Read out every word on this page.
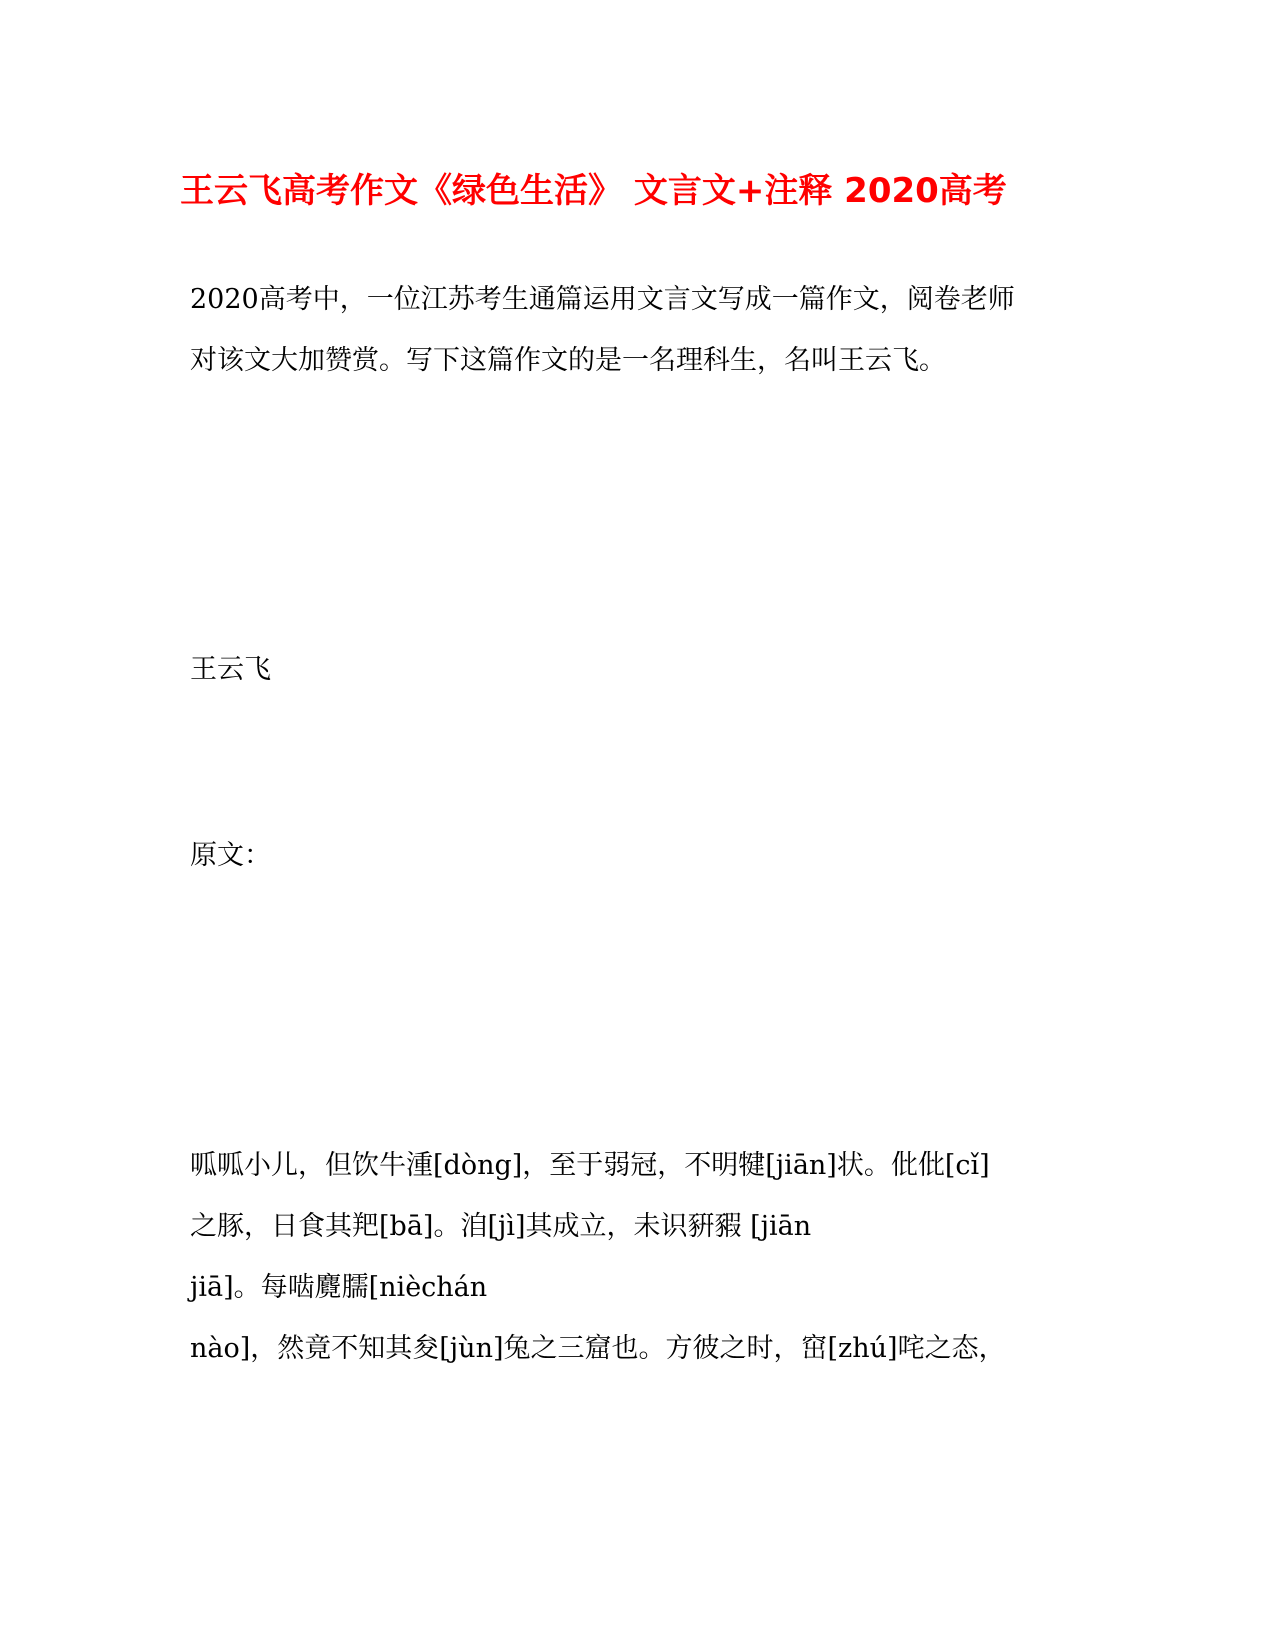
王云飞高考作文《绿色生活》 文言文+注释 2020高考
2020高考中，一位江苏考生通篇运用文言文写成一篇作文，阅卷老师
对该文大加赞赏。写下这篇作文的是一名理科生，名叫王云飞。
王云飞
原文：
呱呱小儿，但饮牛湩[dòng]，至于弱冠，不明犍[jiān]状。仳仳[cǐ]
之豚，日食其羓[bā]。洎[jì]其成立，未识豣豭 [jiān
jiā]。每啮麑臑[nièchán
nào]，然竟不知其夋[jùn]兔之三窟也。方彼之时，窋[zhú]咤之态，
